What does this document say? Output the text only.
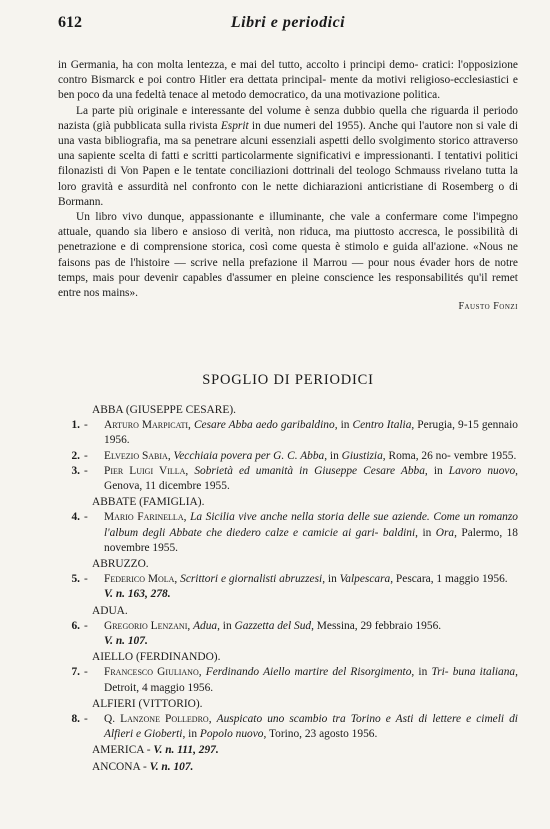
612	Libri e periodici

in Germania, ha con molta lentezza, e mai del tutto, accolto i principi demo- cratici: l'opposizione contro Bismarck e poi contro Hitler era dettata principal- mente da motivi religioso-ecclesiastici e ben poco da una fedeltà tenace al metodo democratico, da una motivazione politica.

La parte più originale e interessante del volume è senza dubbio quella che riguarda il periodo nazista (già pubblicata sulla rivista Esprit in due numeri del 1955). Anche qui l'autore non si vale di una vasta bibliografia, ma sa penetrare alcuni essenziali aspetti dello svolgimento storico attraverso una sapiente scelta di fatti e scritti particolarmente significativi e impressionanti. I tentativi politici filonazisti di Von Papen e le tentate conciliazioni dottrinali del teologo Schmauss rivelano tutta la loro gravità e assurdità nel confronto con le nette dichiarazioni anticristiane di Rosemberg o di Bormann.

Un libro vivo dunque, appassionante e illuminante, che vale a confermare come l'impegno attuale, quando sia libero e ansioso di verità, non riduca, ma piuttosto accresca, le possibilità di penetrazione e di comprensione storica, così come questa è stimolo e guida all'azione. «Nous ne faisons pas de l'histoire — scrive nella prefazione il Marrou — pour nous évader hors de notre temps, mais pour devenir capables d'assumer en pleine conscience les responsabilités qu'il remet entre nos mains».

Fausto Fonzi
SPOGLIO DI PERIODICI
ABBA (GIUSEPPE CESARE).
1. - Arturo Marpicati, Cesare Abba aedo garibaldino, in Centro Italia, Perugia, 9-15 gennaio 1956.
2. - Elvezio Sabia, Vecchiaia povera per G. C. Abba, in Giustizia, Roma, 26 no- vembre 1955.
3. - Pier Luigi Villa, Sobrietà ed umanità in Giuseppe Cesare Abba, in Lavoro nuovo, Genova, 11 dicembre 1955.
ABBATE (FAMIGLIA).
4. - Mario Farinella, La Sicilia vive anche nella storia delle sue aziende. Come un romanzo l'album degli Abbate che diedero calze e camicie ai gari- baldini, in Ora, Palermo, 18 novembre 1955.
ABRUZZO.
5. - Federico Mola, Scrittori e giornalisti abruzzesi, in Valpescara, Pescara, 1 maggio 1956.
V. n. 163, 278.
ADUA.
6. - Gregorio Lenzani, Adua, in Gazzetta del Sud, Messina, 29 febbraio 1956.
V. n. 107.
AIELLO (FERDINANDO).
7. - Francesco Giuliano, Ferdinando Aiello martire del Risorgimento, in Tri- buna italiana, Detroit, 4 maggio 1956.
ALFIERI (VITTORIO).
8. - Q. Lanzone Polledro, Auspicato uno scambio tra Torino e Asti di lettere e cimeli di Alfieri e Gioberti, in Popolo nuovo, Torino, 23 agosto 1956.
AMERICA - V. n. 111, 297.
ANCONA - V. n. 107.
